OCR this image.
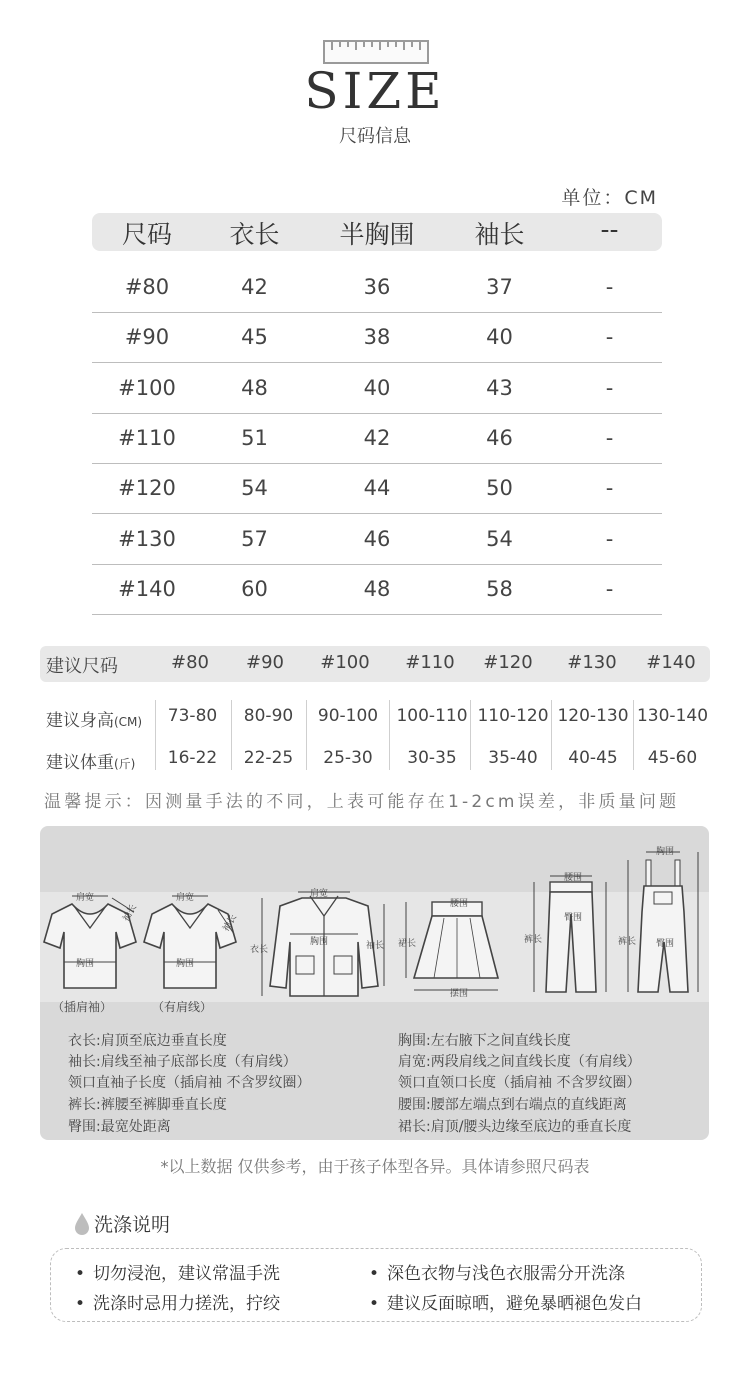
SIZE
尺码信息
单位：CM
尺码	衣长	半胸围	袖长	--
#80	42	36	37	-
#90	45	38	40	-
#100	48	40	43	-
#110	51	42	46	-
#120	54	44	50	-
#130	57	46	54	-
#140	60	48	58	-
建议尺码	#80	#90	#100	#110	#120	#130	#140
建议身高(CM)	73-80	80-90	90-100	100-110 110-120 120-130 130-140
建议体重(斤)	16-22	22-25	25-30	30-35	35-40	40-45	45-60
温馨提示：因测量手法的不同，上表可能存在1-2cm误差，非质量问题
肩宽
胸围
袖长
（插肩袖）
肩宽
胸围
袖长
（有肩线）
肩宽
胸围
衣长	袖长
腰围
裙长
摆围
腰围
裤长
臀围
胸围
裤长 臀围
衣长:肩顶至底边垂直长度
袖长:肩线至袖子底部长度（有肩线）
领口直袖子长度（插肩袖 不含罗纹圈）
裤长:裤腰至裤脚垂直长度
臀围:最宽处距离
胸围:左右腋下之间直线长度
肩宽:两段肩线之间直线长度（有肩线）
领口直领口长度（插肩袖 不含罗纹圈）
腰围:腰部左端点到右端点的直线距离
裙长:肩顶/腰头边缘至底边的垂直长度
*以上数据 仅供参考，由于孩子体型各异。具体请参照尺码表
洗涤说明
• 切勿浸泡，建议常温手洗	• 深色衣物与浅色衣服需分开洗涤
• 洗涤时忌用力搓洗，拧绞	• 建议反面晾晒，避免暴晒褪色发白
